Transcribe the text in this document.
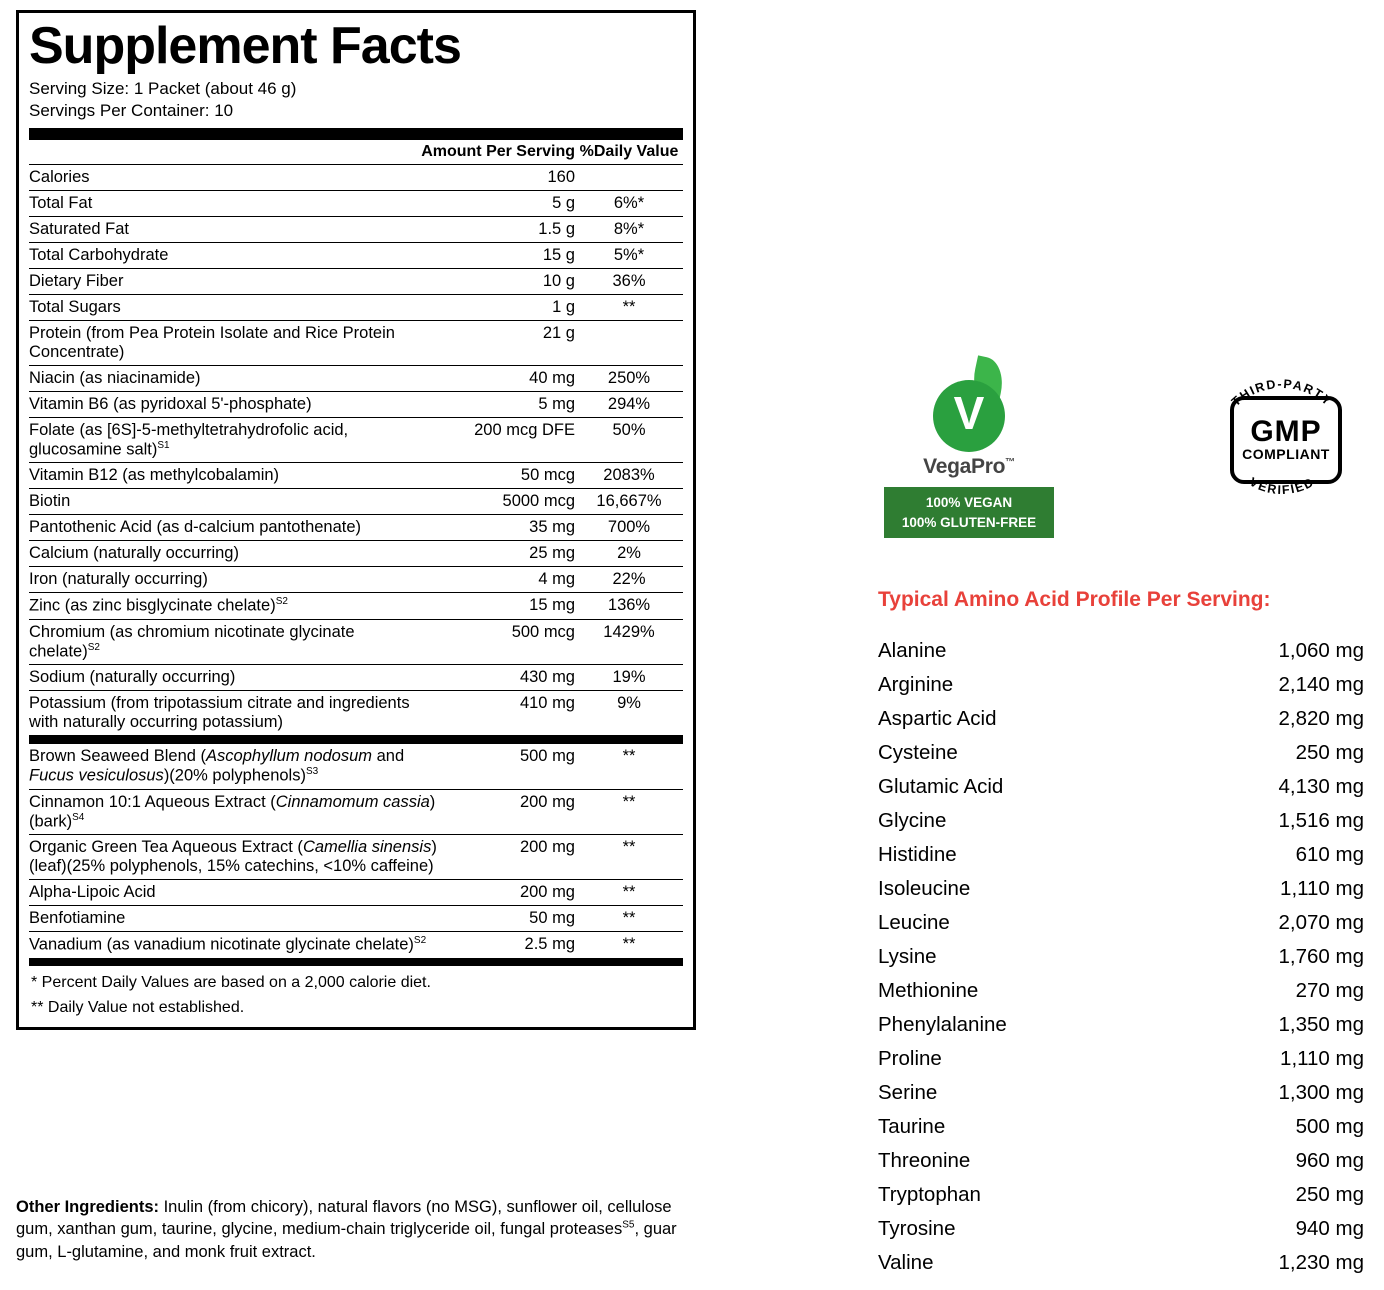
Supplement Facts
Serving Size: 1 Packet (about 46 g)
Servings Per Container: 10
	Amount Per Serving	%Daily Value
Calories	160	
Total Fat	5 g	6%*
Saturated Fat	1.5 g	8%*
Total Carbohydrate	15 g	5%*
Dietary Fiber	10 g	36%
Total Sugars	1 g	**
Protein (from Pea Protein Isolate and Rice Protein Concentrate)	21 g	
Niacin (as niacinamide)	40 mg	250%
Vitamin B6 (as pyridoxal 5'-phosphate)	5 mg	294%
Folate (as [6S]-5-methyltetrahydrofolic acid, glucosamine salt)$^{S1}$	200 mcg DFE	50%
Vitamin B12 (as methylcobalamin)	50 mcg	2083%
Biotin	5000 mcg	16,667%
Pantothenic Acid (as d-calcium pantothenate)	35 mg	700%
Calcium (naturally occurring)	25 mg	2%
Iron (naturally occurring)	4 mg	22%
Zinc (as zinc bisglycinate chelate)$^{S2}$	15 mg	136%
Chromium (as chromium nicotinate glycinate chelate)$^{S2}$	500 mcg	1429%
Sodium (naturally occurring)	430 mg	19%
Potassium (from tripotassium citrate and ingredients with naturally occurring potassium)	410 mg	9%
Brown Seaweed Blend (Ascophyllum nodosum and Fucus vesiculosus)(20% polyphenols)$^{S3}$	500 mg	**
Cinnamon 10:1 Aqueous Extract (Cinnamomum cassia)(bark)$^{S4}$	200 mg	**
Organic Green Tea Aqueous Extract (Camellia sinensis)(leaf)(25% polyphenols, 15% catechins, <10% caffeine)	200 mg	**
Alpha-Lipoic Acid	200 mg	**
Benfotiamine	50 mg	**
Vanadium (as vanadium nicotinate glycinate chelate)$^{S2}$	2.5 mg	**
* Percent Daily Values are based on a 2,000 calorie diet.
** Daily Value not established.
Other Ingredients: Inulin (from chicory), natural flavors (no MSG), sunflower oil, cellulose gum, xanthan gum, taurine, glycine, medium-chain triglyceride oil, fungal proteases$^{S5}$, guar gum, L-glutamine, and monk fruit extract.
V
VegaPro™
100% VEGAN
100% GLUTEN-FREE
THIRD-PARTY
VERIFIED
GMP
COMPLIANT
Typical Amino Acid Profile Per Serving:
Alanine	1,060 mg
Arginine	2,140 mg
Aspartic Acid	2,820 mg
Cysteine	250 mg
Glutamic Acid	4,130 mg
Glycine	1,516 mg
Histidine	610 mg
Isoleucine	1,110 mg
Leucine	2,070 mg
Lysine	1,760 mg
Methionine	270 mg
Phenylalanine	1,350 mg
Proline	1,110 mg
Serine	1,300 mg
Taurine	500 mg
Threonine	960 mg
Tryptophan	250 mg
Tyrosine	940 mg
Valine	1,230 mg
